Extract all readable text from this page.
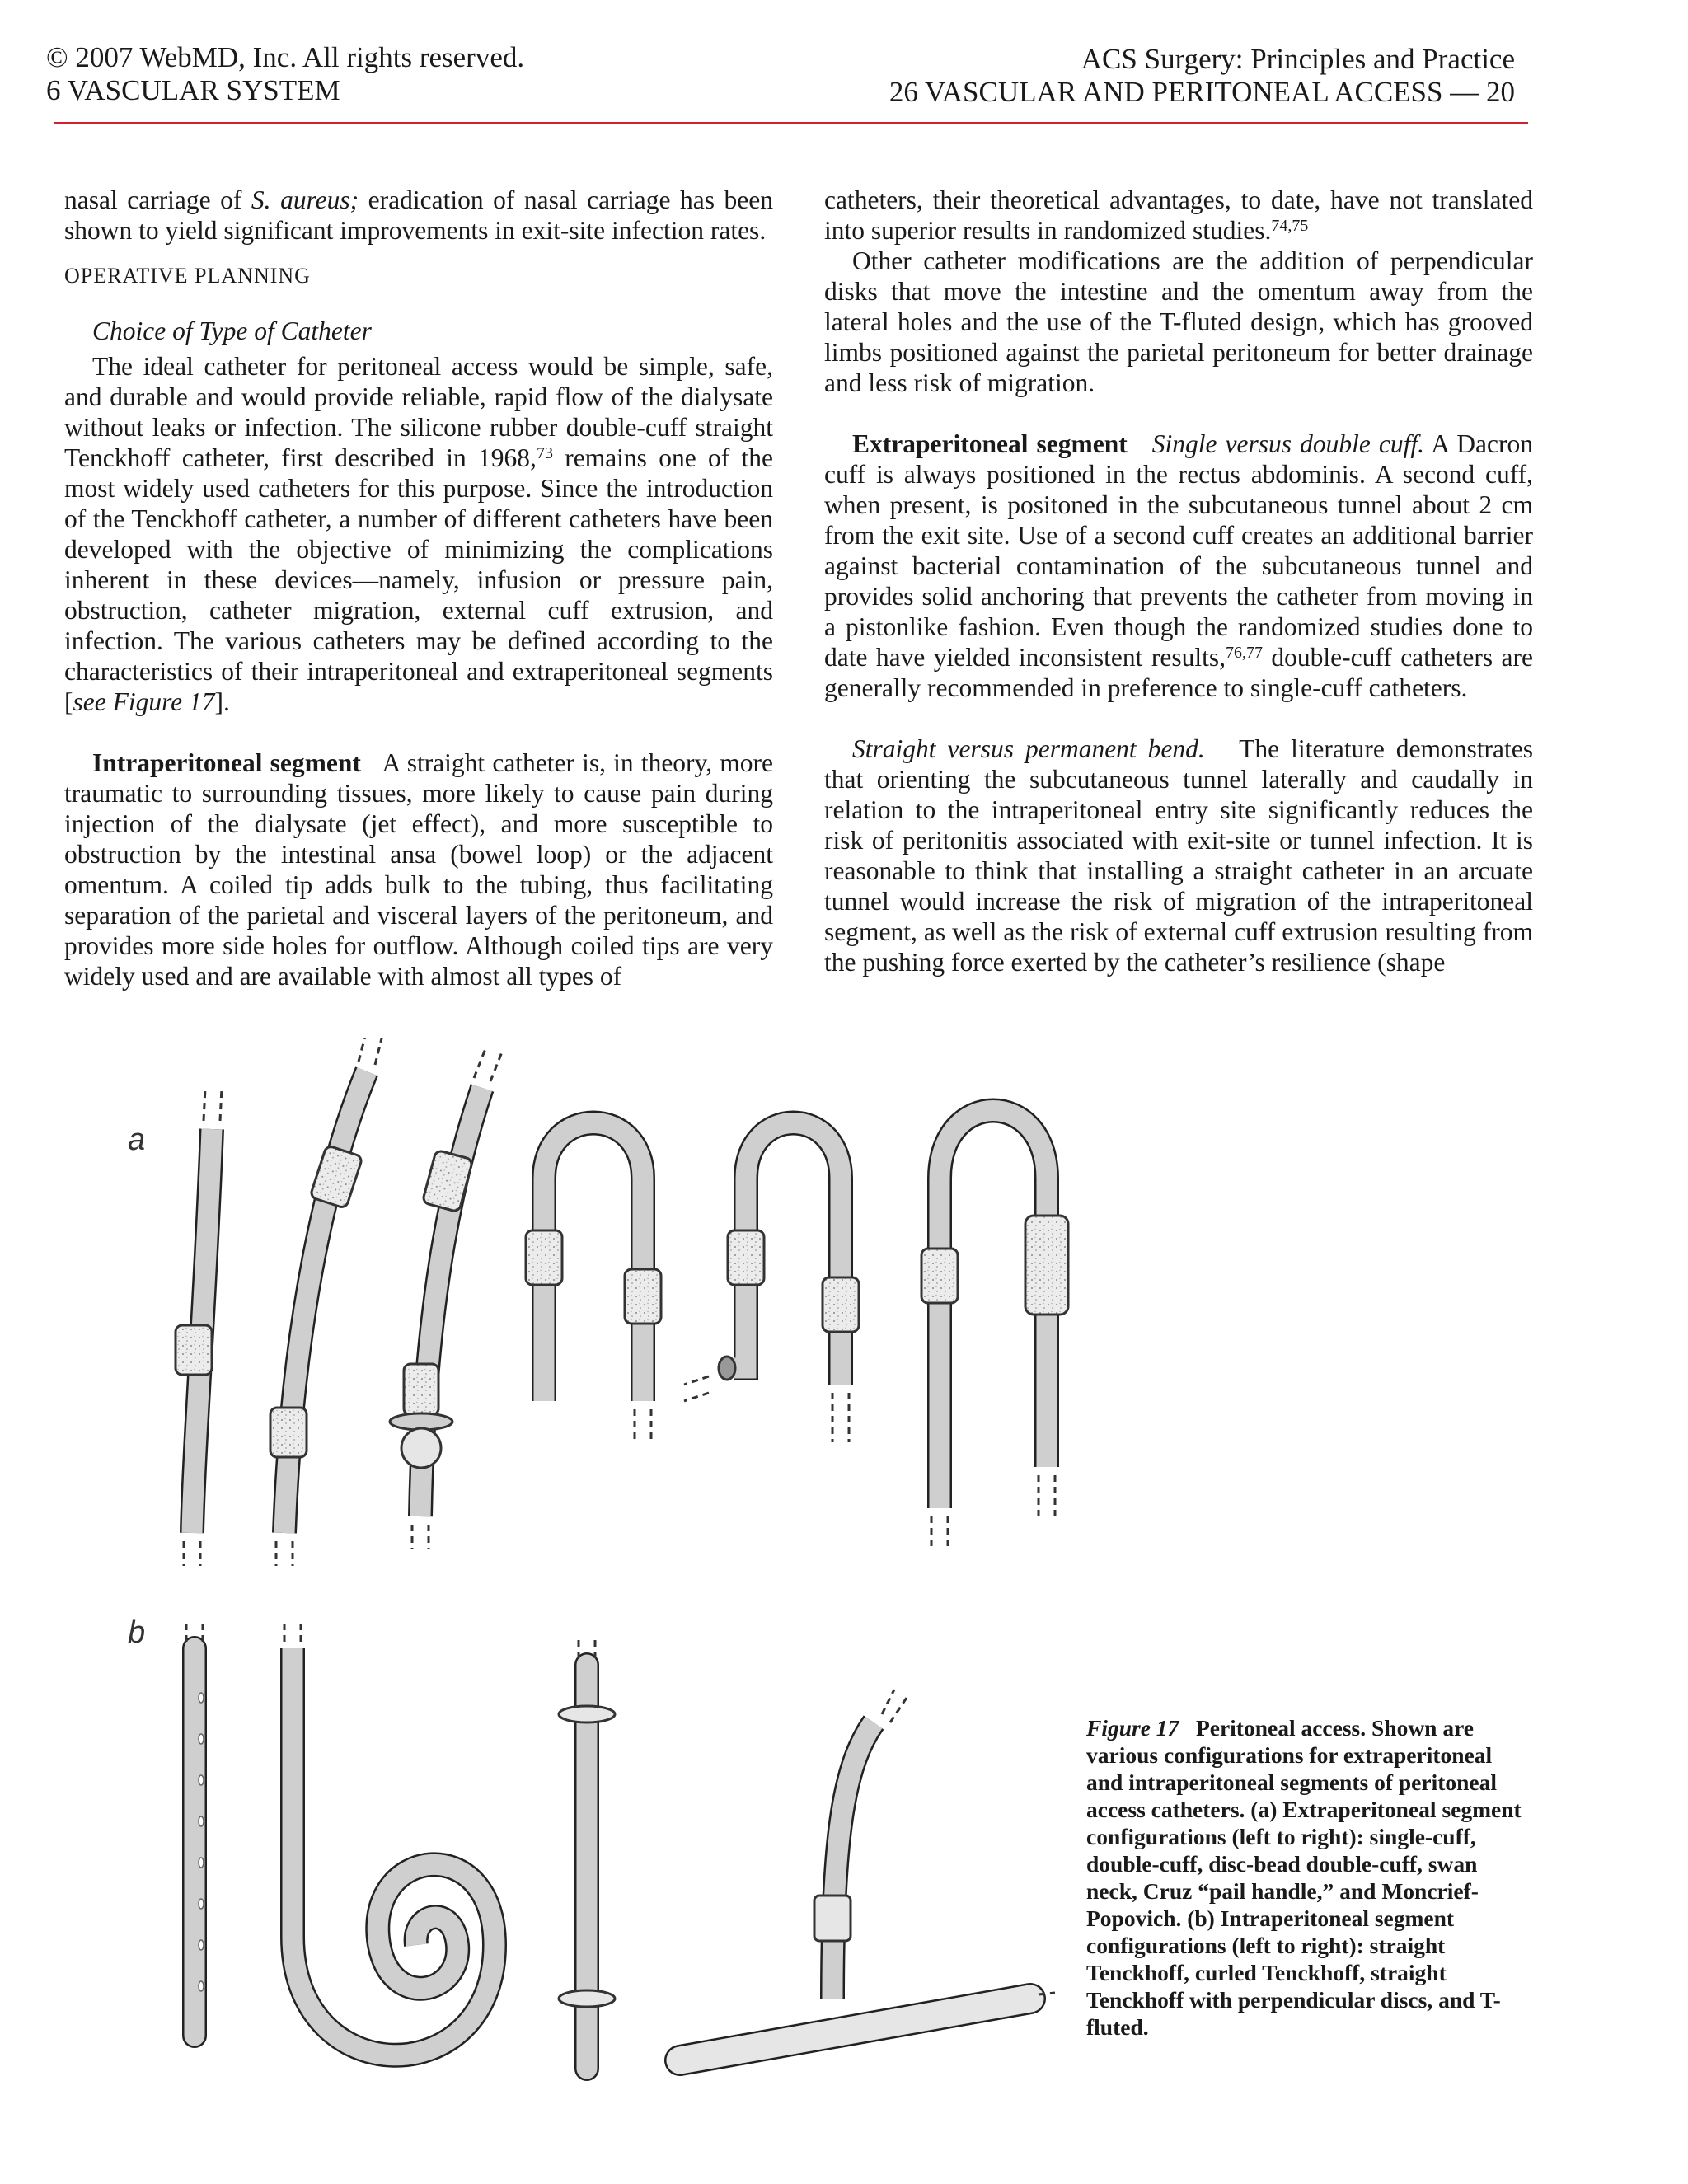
© 2007 WebMD, Inc. All rights reserved.
6 VASCULAR SYSTEM
ACS Surgery: Principles and Practice
26 VASCULAR AND PERITONEAL ACCESS — 20

nasal carriage of S. aureus; eradication of nasal carriage has been shown to yield significant improvements in exit-site infection rates.

OPERATIVE PLANNING

Choice of Type of Catheter

The ideal catheter for peritoneal access would be simple, safe, and durable and would provide reliable, rapid flow of the dialysate without leaks or infection. The silicone rubber double-cuff straight Tenckhoff catheter, first described in 1968,73 remains one of the most widely used catheters for this purpose. Since the introduction of the Tenckhoff catheter, a number of different catheters have been developed with the objective of minimizing the complications inherent in these devices—namely, infusion or pressure pain, obstruction, catheter migration, external cuff extrusion, and infection. The various catheters may be defined according to the characteristics of their intraperitoneal and extraperitoneal segments [see Figure 17].

Intraperitoneal segment A straight catheter is, in theory, more traumatic to surrounding tissues, more likely to cause pain during injection of the dialysate (jet effect), and more susceptible to obstruction by the intestinal ansa (bowel loop) or the adjacent omentum. A coiled tip adds bulk to the tubing, thus facilitating separation of the parietal and visceral layers of the peritoneum, and provides more side holes for outflow. Although coiled tips are very widely used and are available with almost all types of

catheters, their theoretical advantages, to date, have not translated into superior results in randomized studies.$^{74,75}$

Other catheter modifications are the addition of perpendicular disks that move the intestine and the omentum away from the lateral holes and the use of the T-fluted design, which has grooved limbs positioned against the parietal peritoneum for better drainage and less risk of migration.

Extraperitoneal segment Single versus double cuff. A Dacron cuff is always positioned in the rectus abdominis. A second cuff, when present, is positoned in the subcutaneous tunnel about 2 cm from the exit site. Use of a second cuff creates an additional barrier against bacterial contamination of the subcutaneous tunnel and provides solid anchoring that prevents the catheter from moving in a pistonlike fashion. Even though the randomized studies done to date have yielded inconsistent results,$^{76,77}$ double-cuff catheters are generally recommended in preference to single-cuff catheters.

Straight versus permanent bend.   The literature demonstrates that orienting the subcutaneous tunnel laterally and caudally in relation to the intraperitoneal entry site significantly reduces the risk of peritonitis associated with exit-site or tunnel infection. It is reasonable to think that installing a straight catheter in an arcuate tunnel would increase the risk of migration of the intraperitoneal segment, as well as the risk of external cuff extrusion resulting from the pushing force exerted by the catheter’s resilience (shape

a
b
Figure 17 Peritoneal access. Shown are various configurations for extraperitoneal and intraperitoneal segments of peritoneal access catheters. (a) Extraperitoneal segment configurations (left to right): single-cuff, double-cuff, disc-bead double-cuff, swan neck, Cruz “pail handle,” and Moncrief-Popovich. (b) Intraperitoneal segment configurations (left to right): straight Tenckhoff, curled Tenckhoff, straight Tenckhoff with perpendicular discs, and T-fluted.
